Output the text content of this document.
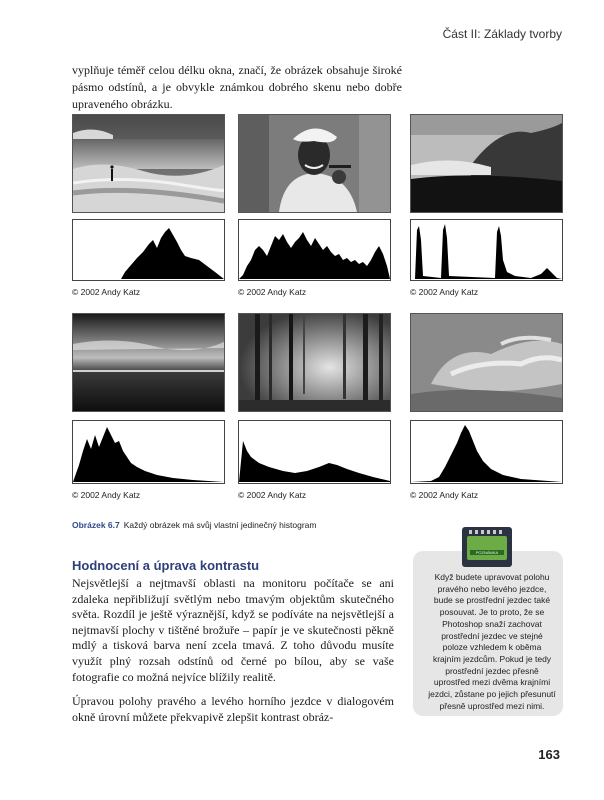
Část II: Základy tvorby
vyplňuje téměř celou délku okna, značí, že obrázek obsahuje široké pásmo odstínů, a je obvykle známkou dobrého skenu nebo dobře upraveného obrázku.
© 2002 Andy Katz	© 2002 Andy Katz	© 2002 Andy Katz
© 2002 Andy Katz	© 2002 Andy Katz	© 2002 Andy Katz
Obrázek 6.7 Každý obrázek má svůj vlastní jedinečný histogram
Hodnocení a úprava kontrastu

Nejsvětlejší a nejtmavší oblasti na monitoru počítače se ani zdaleka nepřibližují světlým nebo tmavým objektům skutečného světa. Rozdíl je ještě výraznější, když se podíváte na nejsvětlejší a nejtmavší plochy v tištěné brožuře – papír je ve skutečnosti pěkně mdlý a tisková barva není zcela tmavá. Z toho důvodu musíte využít plný rozsah odstínů od černé po bílou, aby se vaše fotografie co možná nejvíce blížily realitě.

Úpravou polohy pravého a levého horního jezdce v dialogovém okně úrovní můžete překvapivě zlepšit kontrast obráz-

POZNÁMKA
Když budete upravovat polohu pravého nebo levého jezdce, bude se prostřední jezdec také posouvat. Je to proto, že se Photoshop snaží zachovat prostřední jezdec ve stejné poloze vzhledem k oběma krajním jezdcům. Pokud je tedy prostřední jezdec přesně uprostřed mezi dvěma krajními jezdci, zůstane po jejich přesunutí přesně uprostřed mezi nimi.
163
